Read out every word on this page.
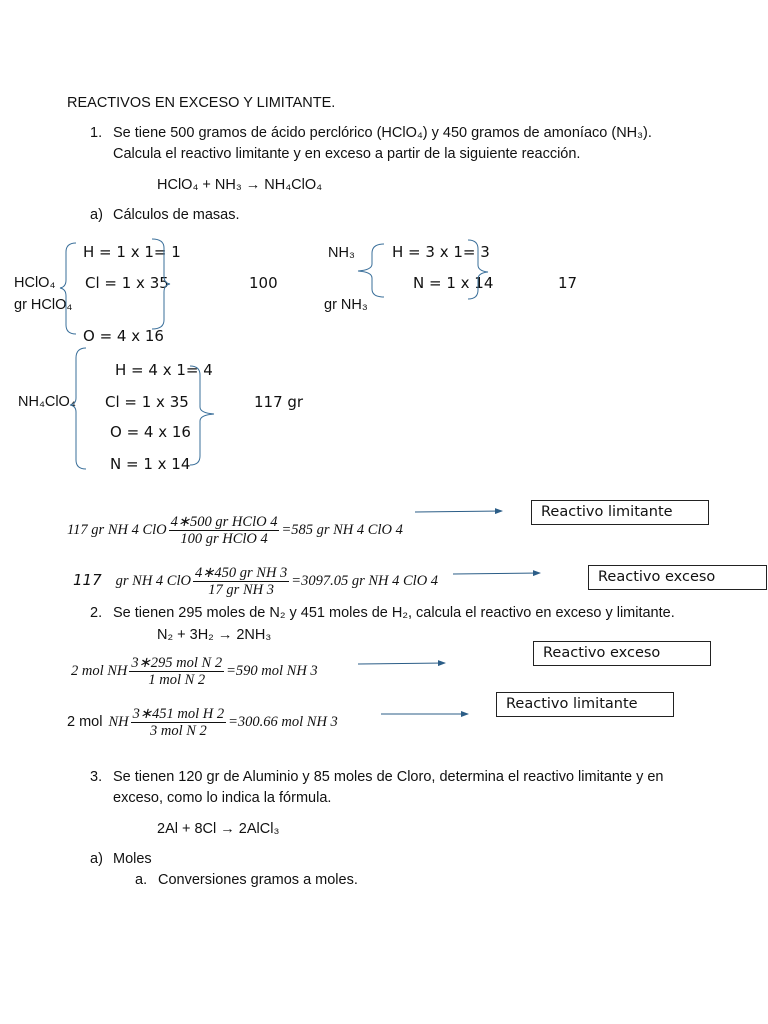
REACTIVOS EN EXCESO Y LIMITANTE.
1. Se tiene 500 gramos de ácido perclórico (HClO₄) y 450 gramos de amoníaco (NH₃).
Calcula el reactivo limitante y en exceso a partir de la siguiente reacción.
HClO₄ + NH₃ → NH₄ClO₄
a) Cálculos de masas.
H = 1 x 1= 1
HClO₄ Cl = 1 x 35	100
gr HClO₄
O = 4 x 16
NH₃ H = 3 x 1= 3
N = 1 x 14	17
gr NH₃
H = 4 x 1= 4
NH₄ClO₄ Cl = 1 x 35	117 gr
O = 4 x 16
N = 1 x 14
117 gr NH 4 ClO $\frac{\text{4∗500 gr HClO 4}}{\text{100 gr HClO 4}} =585$ gr NH 4 ClO 4
Reactivo limitante
117 gr NH 4 ClO $\frac{\text{4∗450 gr NH 3}}{\text{17 gr NH 3}} =3097.05$ gr NH 4 ClO 4	Reactivo exceso
2. Se tienen 295 moles de N₂ y 451 moles de H₂, calcula el reactivo en exceso y limitante.
N₂ + 3H₂ → 2NH₃
2 mol NH $\frac{\text{3∗295 mol N 2}}{\text{1 mol N 2}} =590$ mol NH 3
Reactivo exceso
2 mol NH $\frac{\text{3∗451 mol H 2}}{\text{3 mol N 2}} =300.66$ mol NH 3
Reactivo limitante
3. Se tienen 120 gr de Aluminio y 85 moles de Cloro, determina el reactivo limitante y en
exceso, como lo indica la fórmula.
2Al + 8Cl → 2AlCl₃
a) Moles
a. Conversiones gramos a moles.
